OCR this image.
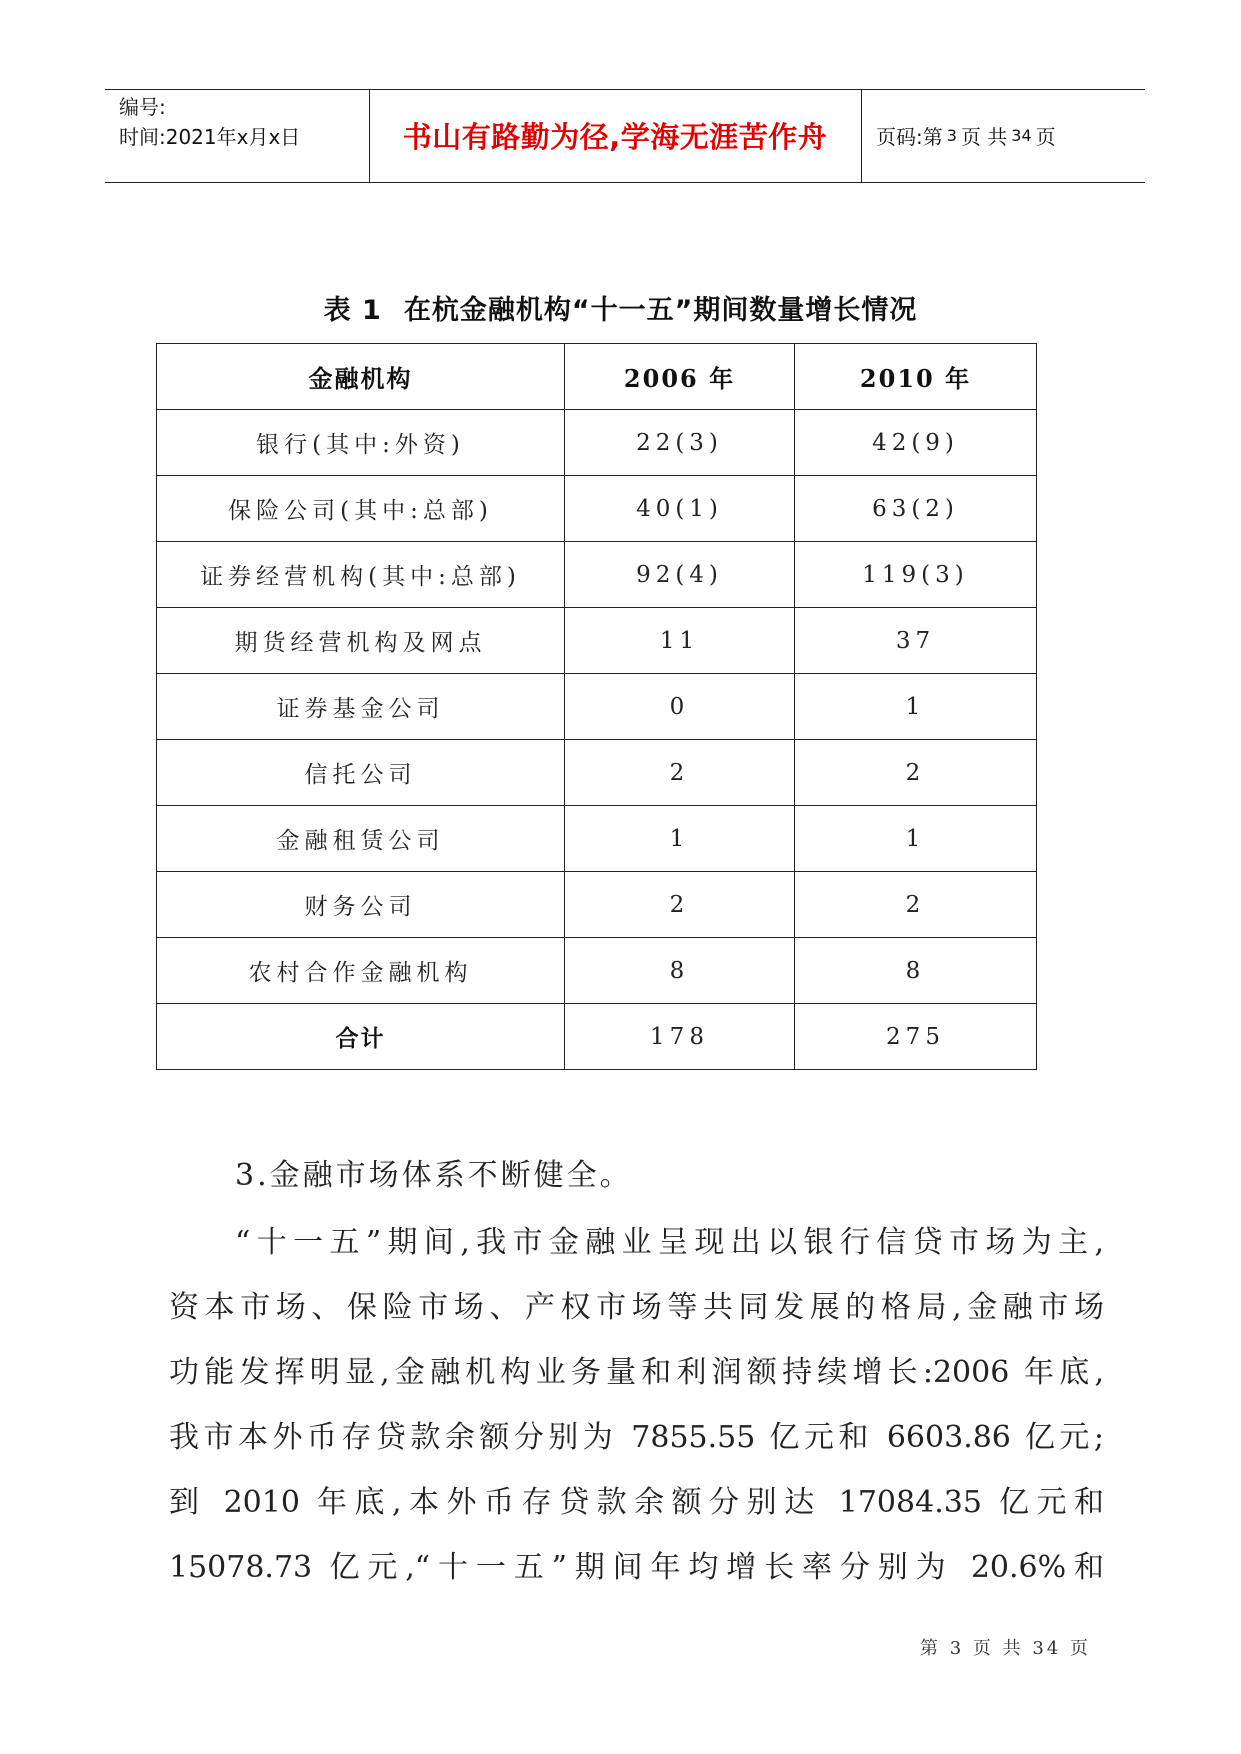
编号:
时间:2021年x月x日	书山有路勤为径,学海无涯苦作舟	页码:第 3 页 共 34 页
表 1 在杭金融机构“十一五”期间数量增长情况
金融机构	2006 年	2010 年
银行(其中:外资)	22(3)	42(9)
保险公司(其中:总部)	40(1)	63(2)
证券经营机构(其中:总部)	92(4)	119(3)
期货经营机构及网点	11	37
证券基金公司	0	1
信托公司	2	2
金融租赁公司	1	1
财务公司	2	2
农村合作金融机构	8	8
合计	178	275
3.金融市场体系不断健全。
“十一五”期间,我市金融业呈现出以银行信贷市场为主,
资本市场、保险市场、产权市场等共同发展的格局,金融市场
功能发挥明显,金融机构业务量和利润额持续增长:2006 年底,
我市本外币存贷款余额分别为 7855.55 亿元和 6603.86 亿元;
到 2010 年底,本外币存贷款余额分别达 17084.35 亿元和
15078.73 亿元,“十一五”期间年均增长率分别为 20.6%和
第 3 页 共 34 页
